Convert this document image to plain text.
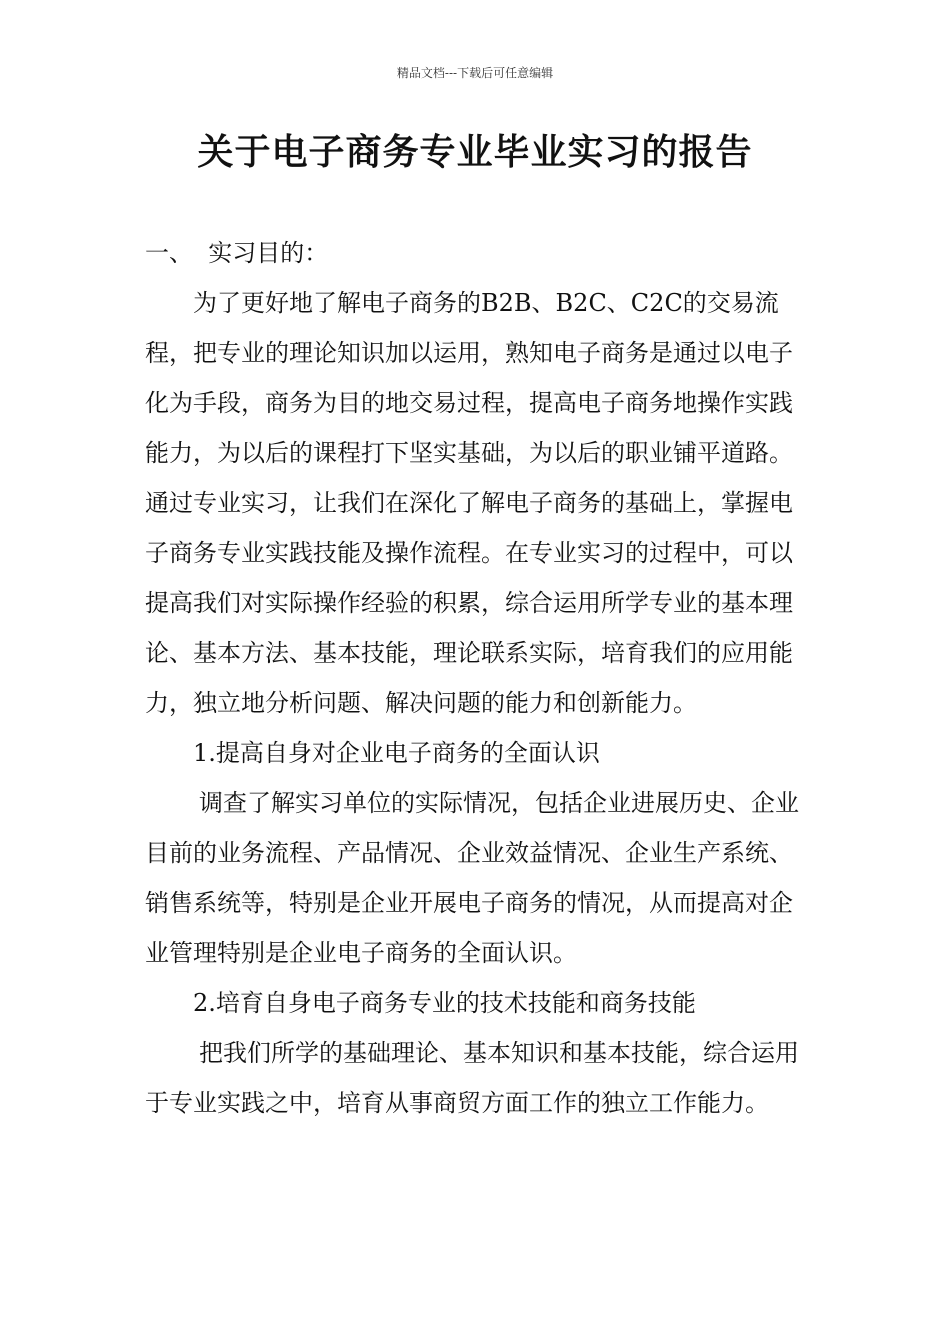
精品文档---下载后可任意编辑
关于电子商务专业毕业实习的报告

一、  实习目的：

为了更好地了解电子商务的B2B、B2C、C2C的交易流程，把专业的理论知识加以运用，熟知电子商务是通过以电子化为手段，商务为目的地交易过程，提高电子商务地操作实践能力，为以后的课程打下坚实基础，为以后的职业铺平道路。通过专业实习，让我们在深化了解电子商务的基础上，掌握电子商务专业实践技能及操作流程。在专业实习的过程中，可以提高我们对实际操作经验的积累，综合运用所学专业的基本理论、基本方法、基本技能，理论联系实际，培育我们的应用能力，独立地分析问题、解决问题的能力和创新能力。

1.提高自身对企业电子商务的全面认识

调查了解实习单位的实际情况，包括企业进展历史、企业目前的业务流程、产品情况、企业效益情况、企业生产系统、销售系统等，特别是企业开展电子商务的情况，从而提高对企业管理特别是企业电子商务的全面认识。

2.培育自身电子商务专业的技术技能和商务技能

把我们所学的基础理论、基本知识和基本技能，综合运用于专业实践之中，培育从事商贸方面工作的独立工作能力。
